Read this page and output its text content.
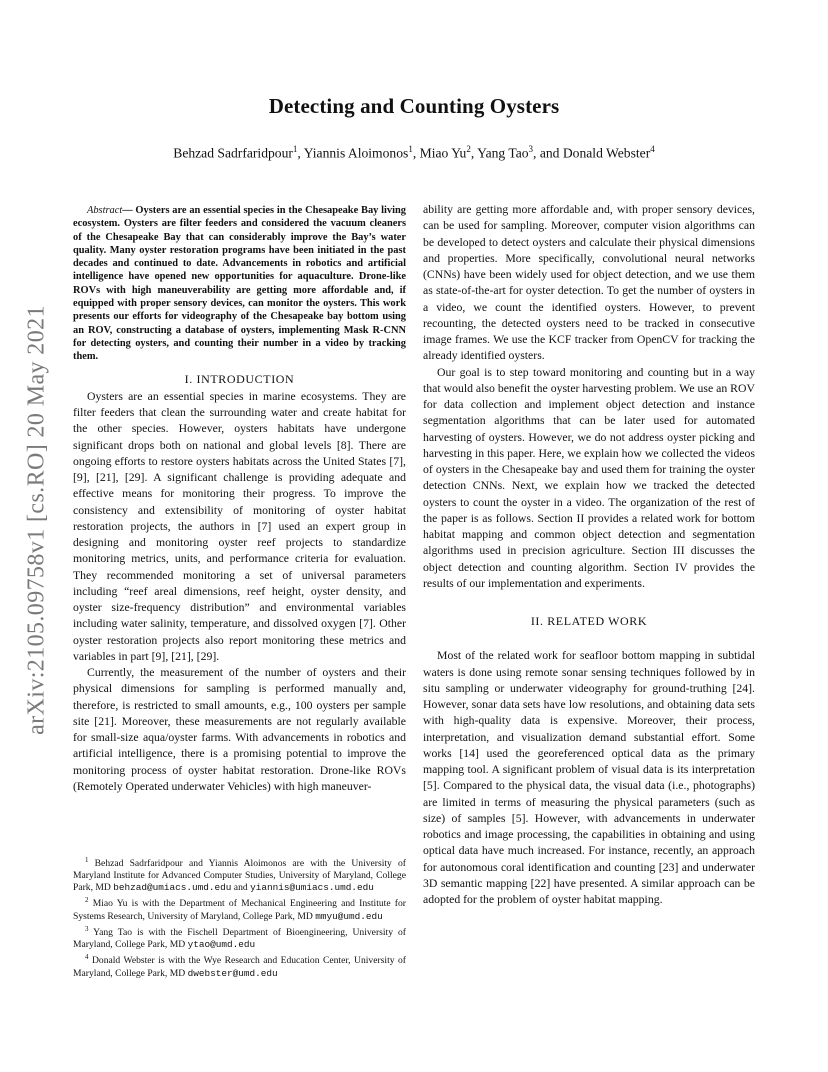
arXiv:2105.09758v1 [cs.RO] 20 May 2021
Detecting and Counting Oysters
Behzad Sadrfaridpour$^1$, Yiannis Aloimonos$^1$, Miao Yu$^2$, Yang Tao$^3$, and Donald Webster$^4$

Abstract— Oysters are an essential species in the Chesapeake Bay living ecosystem. Oysters are filter feeders and considered the vacuum cleaners of the Chesapeake Bay that can considerably improve the Bay’s water quality. Many oyster restoration programs have been initiated in the past decades and continued to date. Advancements in robotics and artificial intelligence have opened new opportunities for aquaculture. Drone-like ROVs with high maneuverability are getting more affordable and, if equipped with proper sensory devices, can monitor the oysters. This work presents our efforts for videography of the Chesapeake bay bottom using an ROV, constructing a database of oysters, implementing Mask R-CNN for detecting oysters, and counting their number in a video by tracking them.

I. INTRODUCTION

Oysters are an essential species in marine ecosystems. They are filter feeders that clean the surrounding water and create habitat for the other species. However, oysters habitats have undergone significant drops both on national and global levels [8]. There are ongoing efforts to restore oysters habitats across the United States [7], [9], [21], [29]. A significant challenge is providing adequate and effective means for monitoring their progress. To improve the consistency and extensibility of monitoring of oyster habitat restoration projects, the authors in [7] used an expert group in designing and monitoring oyster reef projects to standardize monitoring metrics, units, and performance criteria for evaluation. They recommended monitoring a set of universal parameters including “reef areal dimensions, reef height, oyster density, and oyster size-frequency distribution” and environmental variables including water salinity, temperature, and dissolved oxygen [7]. Other oyster restoration projects also report monitoring these metrics and variables in part [9], [21], [29].

Currently, the measurement of the number of oysters and their physical dimensions for sampling is performed manually and, therefore, is restricted to small amounts, e.g., 100 oysters per sample site [21]. Moreover, these measurements are not regularly available for small-size aqua/oyster farms. With advancements in robotics and artificial intelligence, there is a promising potential to improve the monitoring process of oyster habitat restoration. Drone-like ROVs (Remotely Operated underwater Vehicles) with high maneuver-

$^1$ Behzad Sadrfaridpour and Yiannis Aloimonos are with the University of Maryland Institute for Advanced Computer Studies, University of Maryland, College Park, MD behzad@umiacs.umd.edu and yiannis@umiacs.umd.edu

$^2$ Miao Yu is with the Department of Mechanical Engineering and Institute for Systems Research, University of Maryland, College Park, MD mmyu@umd.edu

$^3$ Yang Tao is with the Fischell Department of Bioengineering, University of Maryland, College Park, MD ytao@umd.edu

$^4$ Donald Webster is with the Wye Research and Education Center, University of Maryland, College Park, MD dwebster@umd.edu

ability are getting more affordable and, with proper sensory devices, can be used for sampling. Moreover, computer vision algorithms can be developed to detect oysters and calculate their physical dimensions and properties. More specifically, convolutional neural networks (CNNs) have been widely used for object detection, and we use them as state-of-the-art for oyster detection. To get the number of oysters in a video, we count the identified oysters. However, to prevent recounting, the detected oysters need to be tracked in consecutive image frames. We use the KCF tracker from OpenCV for tracking the already identified oysters.

Our goal is to step toward monitoring and counting but in a way that would also benefit the oyster harvesting problem. We use an ROV for data collection and implement object detection and instance segmentation algorithms that can be later used for automated harvesting of oysters. However, we do not address oyster picking and harvesting in this paper. Here, we explain how we collected the videos of oysters in the Chesapeake bay and used them for training the oyster detection CNNs. Next, we explain how we tracked the detected oysters to count the oyster in a video. The organization of the rest of the paper is as follows. Section II provides a related work for bottom habitat mapping and common object detection and segmentation algorithms used in precision agriculture. Section III discusses the object detection and counting algorithm. Section IV provides the results of our implementation and experiments.

II. RELATED WORK

Most of the related work for seafloor bottom mapping in subtidal waters is done using remote sonar sensing techniques followed by in situ sampling or underwater videography for ground-truthing [24]. However, sonar data sets have low resolutions, and obtaining data sets with high-quality data is expensive. Moreover, their process, interpretation, and visualization demand substantial effort. Some works [14] used the georeferenced optical data as the primary mapping tool. A significant problem of visual data is its interpretation [5]. Compared to the physical data, the visual data (i.e., photographs) are limited in terms of measuring the physical parameters (such as size) of samples [5]. However, with advancements in underwater robotics and image processing, the capabilities in obtaining and using optical data have much increased. For instance, recently, an approach for autonomous coral identification and counting [23] and underwater 3D semantic mapping [22] have presented. A similar approach can be adopted for the problem of oyster habitat mapping.
